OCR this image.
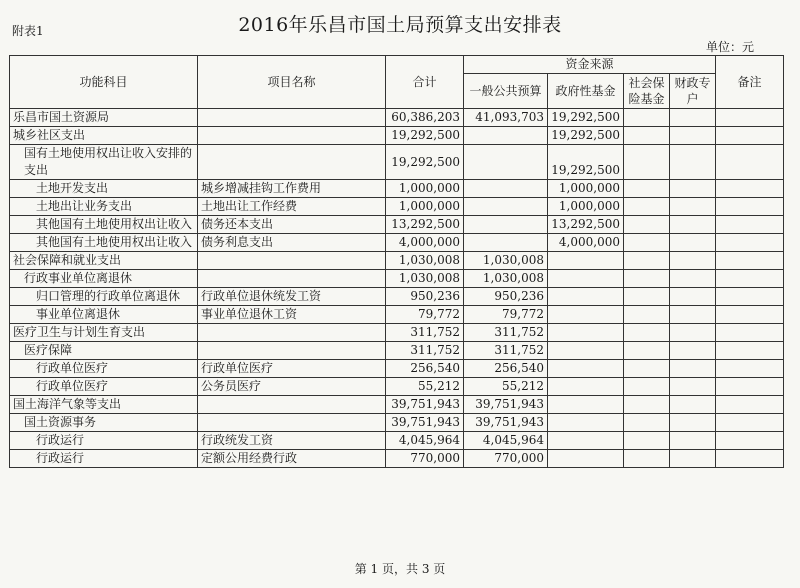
附表1	2016年乐昌市国土局预算支出安排表
单位：元
功能科目	项目名称	合计	资金来源				备注
			一般公共预算	政府性基金	社会保险基金	财政专户	
乐昌市国土资源局		60,386,203	41,093,703	19,292,500			
城乡社区支出		19,292,500		19,292,500			
国有土地使用权出让收入安排的支出		19,292,500		19,292,500			
土地开发支出	城乡增减挂钩工作费用	1,000,000		1,000,000			
土地出让业务支出	土地出让工作经费	1,000,000		1,000,000			
其他国有土地使用权出让收入	债务还本支出	13,292,500		13,292,500			
其他国有土地使用权出让收入	债务利息支出	4,000,000		4,000,000			
社会保障和就业支出		1,030,008	1,030,008				
行政事业单位离退休		1,030,008	1,030,008				
归口管理的行政单位离退休	行政单位退休统发工资	950,236	950,236				
事业单位离退休	事业单位退休工资	79,772	79,772				
医疗卫生与计划生育支出		311,752	311,752				
医疗保障		311,752	311,752				
行政单位医疗	行政单位医疗	256,540	256,540				
行政单位医疗	公务员医疗	55,212	55,212				
国土海洋气象等支出		39,751,943	39,751,943				
国土资源事务		39,751,943	39,751,943				
行政运行	行政统发工资	4,045,964	4,045,964				
行政运行	定额公用经费行政	770,000	770,000				
第 1 页，共 3 页
